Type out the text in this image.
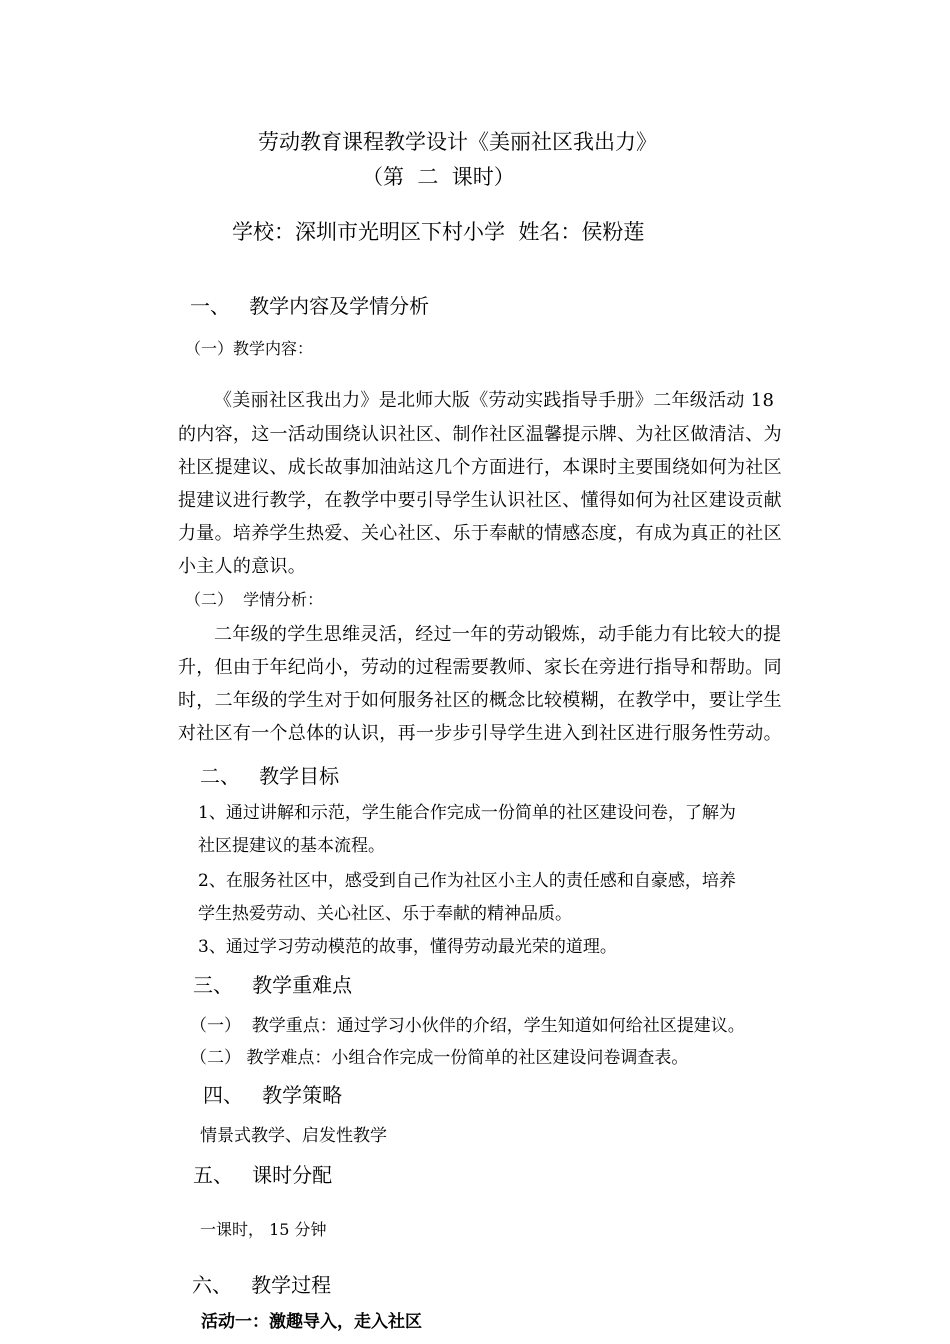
劳动教育课程教学设计《美丽社区我出力》
（第  二  课时）
学校：深圳市光明区下村小学  姓名：侯粉莲
一、   教学内容及学情分析
（一）教学内容：
《美丽社区我出力》是北师大版《劳动实践指导手册》二年级活动 18
的内容，这一活动围绕认识社区、制作社区温馨提示牌、为社区做清洁、为
社区提建议、成长故事加油站这几个方面进行，本课时主要围绕如何为社区
提建议进行教学，在教学中要引导学生认识社区、懂得如何为社区建设贡献
力量。培养学生热爱、关心社区、乐于奉献的情感态度，有成为真正的社区
小主人的意识。
（二）  学情分析：
二年级的学生思维灵活，经过一年的劳动锻炼，动手能力有比较大的提
升，但由于年纪尚小，劳动的过程需要教师、家长在旁进行指导和帮助。同
时，二年级的学生对于如何服务社区的概念比较模糊，在教学中，要让学生
对社区有一个总体的认识，再一步步引导学生进入到社区进行服务性劳动。
二、   教学目标
1、通过讲解和示范，学生能合作完成一份简单的社区建设问卷，了解为
社区提建议的基本流程。
2、在服务社区中，感受到自己作为社区小主人的责任感和自豪感，培养
学生热爱劳动、关心社区、乐于奉献的精神品质。
3、通过学习劳动模范的故事，懂得劳动最光荣的道理。
三、   教学重难点
（一）  教学重点：通过学习小伙伴的介绍，学生知道如何给社区提建议。
（二） 教学难点：小组合作完成一份简单的社区建设问卷调查表。
四、   教学策略
情景式教学、启发性教学
五、   课时分配
一课时， 15 分钟
六、   教学过程
活动一：激趣导入，走入社区
